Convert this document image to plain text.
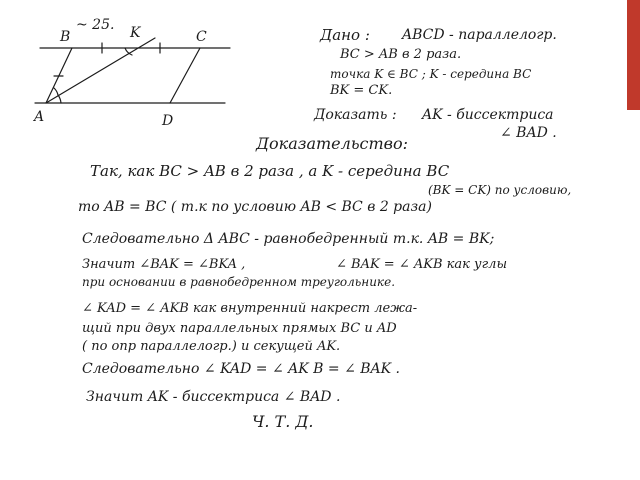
B
~ 25. K	C
A	D
Дано : ABCD - параллелогр.
BC > AB в 2 раза.
точка K ∈ BC ; K - середина BC
BK = CK.
Доказать : AK - биссектриса
∠ BAD .
Доказательство:
Так, как BC > AB в 2 раза , а K - середина BC
(BK = CK) по условию,
то AB = BC ( т.к по условию AB < BC в 2 раза)
Следовательно Δ ABC - равнобедренный т.к. AB = BK;
Значит ∠BAK = ∠BKA ,	∠ BAK = ∠ AKB как углы
при основании в равнобедренном треугольнике.
∠ KAD = ∠ AKB как внутренний накрест лежа-
щий при двух параллельных прямых BC и AD
( по опр параллелогр.) и секущей AK.
Следовательно ∠ KAD = ∠ AK B = ∠ BAK .
Значит AK - биссектриса ∠ BAD .
Ч. Т. Д.
